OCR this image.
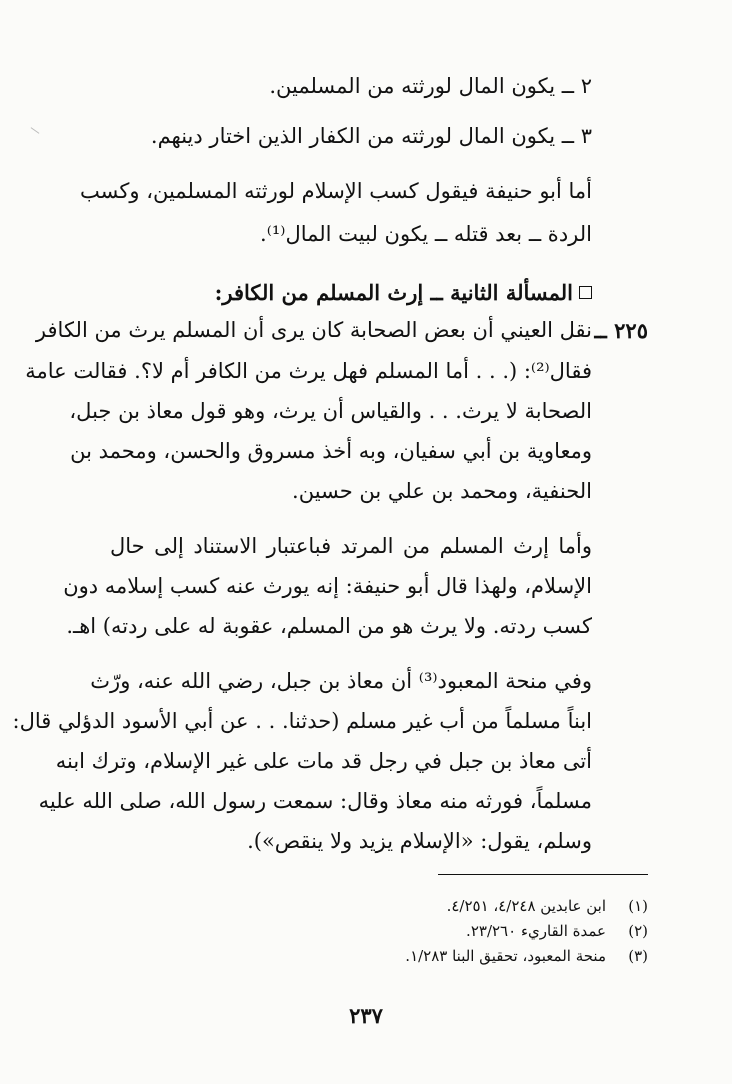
٢ ــ يكون المال لورثته من المسلمين.
٣ ــ يكون المال لورثته من الكفار الذين اختار دينهم.
أما أبو حنيفة فيقول كسب الإسلام لورثته المسلمين، وكسب
الردة ــ بعد قتله ــ يكون لبيت المال⁽¹⁾.
المسألة الثانية ــ إرث المسلم من الكافر:
٢٢٥ ــ
نقل العيني أن بعض الصحابة كان يرى أن المسلم يرث من الكافر
فقال⁽²⁾: (. . . أما المسلم فهل يرث من الكافر أم لا؟. فقالت عامة
الصحابة لا يرث. . . والقياس أن يرث، وهو قول معاذ بن جبل،
ومعاوية بن أبي سفيان، وبه أخذ مسروق والحسن، ومحمد بن
الحنفية، ومحمد بن علي بن حسين.
وأما إرث المسلم من المرتد فباعتبار الاستناد إلى حال
الإسلام، ولهذا قال أبو حنيفة: إنه يورث عنه كسب إسلامه دون
كسب ردته. ولا يرث هو من المسلم، عقوبة له على ردته) اهـ.
وفي منحة المعبود⁽³⁾ أن معاذ بن جبل، رضي الله عنه، ورّث
ابناً مسلماً من أب غير مسلم (حدثنا. . . عن أبي الأسود الدؤلي قال:
أتى معاذ بن جبل في رجل قد مات على غير الإسلام، وترك ابنه
مسلماً، فورثه منه معاذ وقال: سمعت رسول الله، صلى الله عليه
وسلم، يقول: «الإسلام يزيد ولا ينقص»).
(١)ابن عابدين ٤/٢٤٨، ٤/٢٥١.
(٢)عمدة القاريء ٢٣/٢٦٠.
(٣)منحة المعبود، تحقيق البنا ١/٢٨٣.
٢٣٧
